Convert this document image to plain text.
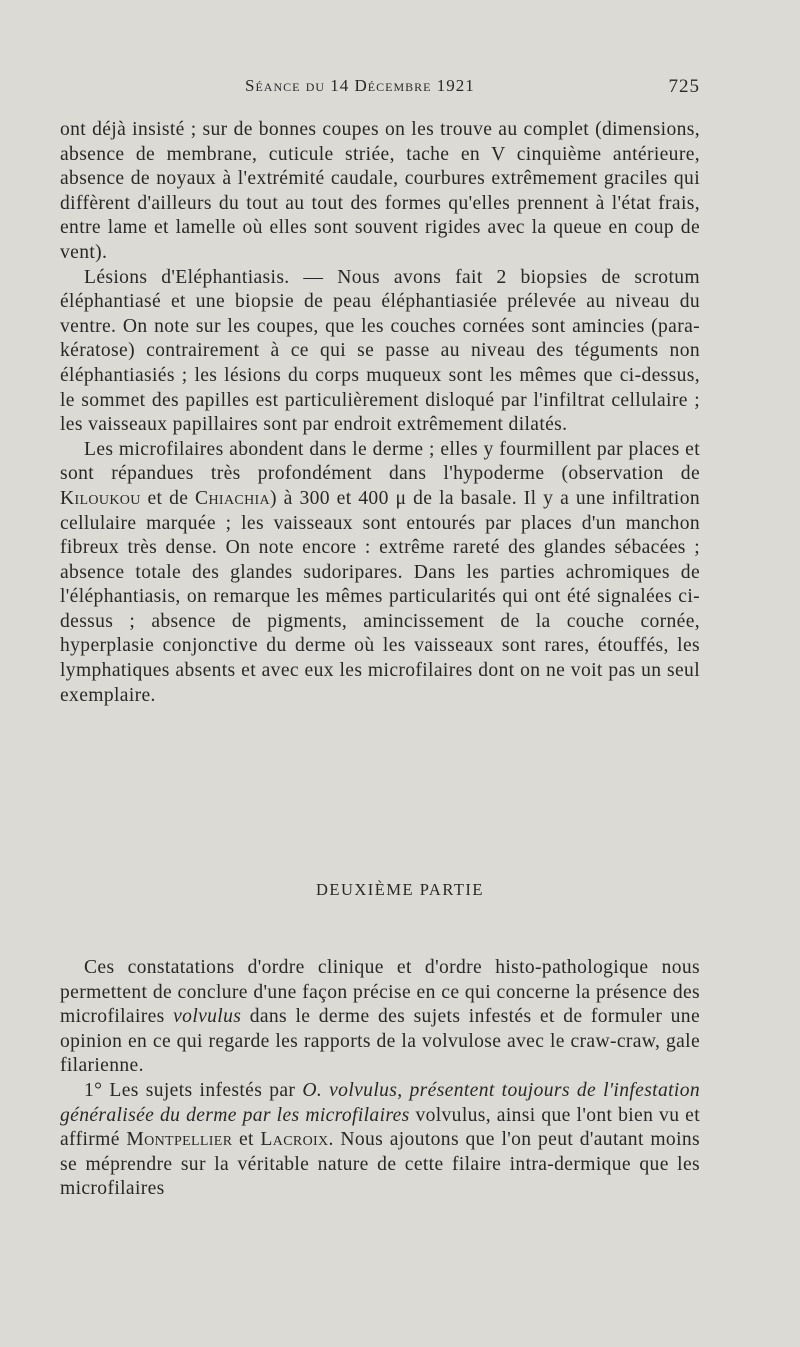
Séance du 14 Décembre 1921	725

ont déjà insisté ; sur de bonnes coupes on les trouve au complet (dimensions, absence de membrane, cuticule striée, tache en V cinquième antérieure, absence de noyaux à l'extrémité caudale, courbures extrêmement graciles qui diffèrent d'ailleurs du tout au tout des formes qu'elles prennent à l'état frais, entre lame et lamelle où elles sont souvent rigides avec la queue en coup de vent).

Lésions d'Eléphantiasis. — Nous avons fait 2 biopsies de scrotum éléphantiasé et une biopsie de peau éléphantiasiée prélevée au niveau du ventre. On note sur les coupes, que les couches cornées sont amincies (para-kératose) contrairement à ce qui se passe au niveau des téguments non éléphantiasiés ; les lésions du corps muqueux sont les mêmes que ci-dessus, le sommet des papilles est particulièrement disloqué par l'infiltrat cellulaire ; les vaisseaux papillaires sont par endroit extrêmement dilatés.

Les microfilaires abondent dans le derme ; elles y fourmillent par places et sont répandues très profondément dans l'hypoderme (observation de Kiloukou et de Chiachia) à 300 et 400 μ de la basale. Il y a une infiltration cellulaire marquée ; les vaisseaux sont entourés par places d'un manchon fibreux très dense. On note encore : extrême rareté des glandes sébacées ; absence totale des glandes sudoripares. Dans les parties achromiques de l'éléphantiasis, on remarque les mêmes particularités qui ont été signalées ci-dessus ; absence de pigments, amincissement de la couche cornée, hyperplasie conjonctive du derme où les vaisseaux sont rares, étouffés, les lymphatiques absents et avec eux les microfilaires dont on ne voit pas un seul exemplaire.

DEUXIÈME PARTIE

Ces constatations d'ordre clinique et d'ordre histo-pathologique nous permettent de conclure d'une façon précise en ce qui concerne la présence des microfilaires volvulus dans le derme des sujets infestés et de formuler une opinion en ce qui regarde les rapports de la volvulose avec le craw-craw, gale filarienne.

1° Les sujets infestés par O. volvulus, présentent toujours de l'infestation généralisée du derme par les microfilaires volvulus, ainsi que l'ont bien vu et affirmé Montpellier et Lacroix. Nous ajoutons que l'on peut d'autant moins se méprendre sur la véritable nature de cette filaire intra-dermique que les microfilaires
